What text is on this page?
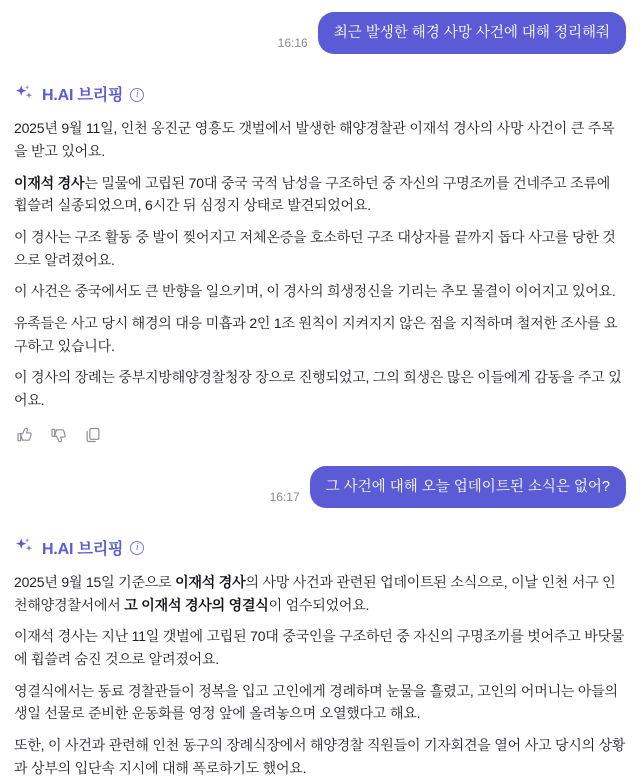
16:16
최근 발생한 해경 사망 사건에 대해 정리해줘
H.AI 브리핑	i

2025년 9월 11일, 인천 옹진군 영흥도 갯벌에서 발생한 해양경찰관 이재석 경사의 사망 사건이 큰 주목을 받고 있어요.

이재석 경사는 밀물에 고립된 70대 중국 국적 남성을 구조하던 중 자신의 구명조끼를 건네주고 조류에 휩쓸려 실종되었으며, 6시간 뒤 심정지 상태로 발견되었어요.

이 경사는 구조 활동 중 발이 찢어지고 저체온증을 호소하던 구조 대상자를 끝까지 돕다 사고를 당한 것으로 알려졌어요.

이 사건은 중국에서도 큰 반향을 일으키며, 이 경사의 희생정신을 기리는 추모 물결이 이어지고 있어요.

유족들은 사고 당시 해경의 대응 미흡과 2인 1조 원칙이 지켜지지 않은 점을 지적하며 철저한 조사를 요구하고 있습니다.

이 경사의 장례는 중부지방해양경찰청장 장으로 진행되었고, 그의 희생은 많은 이들에게 감동을 주고 있어요.

16:17
그 사건에 대해 오늘 업데이트된 소식은 없어?
H.AI 브리핑	i

2025년 9월 15일 기준으로 이재석 경사의 사망 사건과 관련된 업데이트된 소식으로, 이날 인천 서구 인천해양경찰서에서 고 이재석 경사의 영결식이 엄수되었어요.

이재석 경사는 지난 11일 갯벌에 고립된 70대 중국인을 구조하던 중 자신의 구명조끼를 벗어주고 바닷물에 휩쓸려 숨진 것으로 알려졌어요.

영결식에서는 동료 경찰관들이 정복을 입고 고인에게 경례하며 눈물을 흘렸고, 고인의 어머니는 아들의 생일 선물로 준비한 운동화를 영정 앞에 올려놓으며 오열했다고 해요.

또한, 이 사건과 관련해 인천 동구의 장례식장에서 해양경찰 직원들이 기자회견을 열어 사고 당시의 상황과 상부의 입단속 지시에 대해 폭로하기도 했어요.
